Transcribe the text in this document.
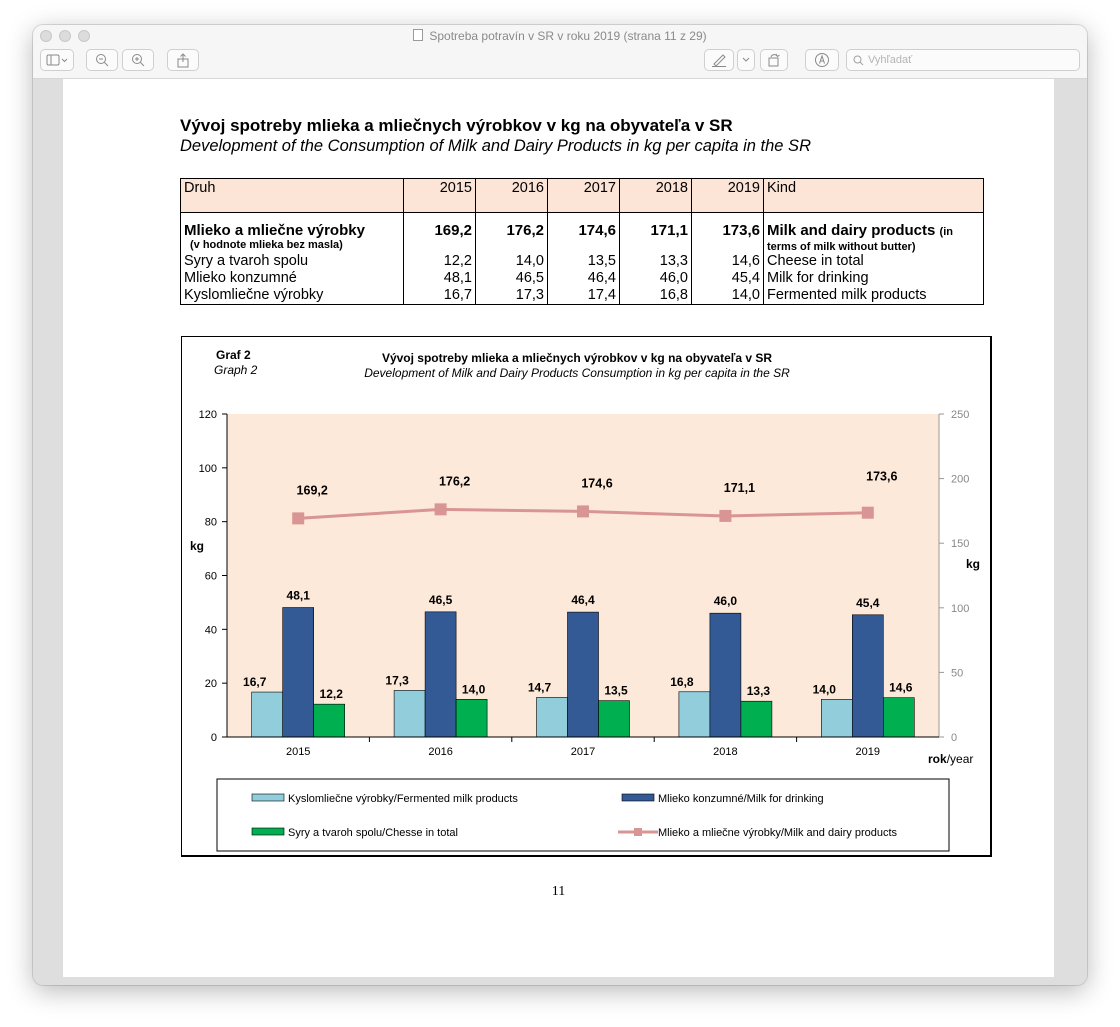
Spotreba potravín v SR v roku 2019 (strana 11 z 29)
Vyhľadať
Vývoj spotreby mlieka a mliečnych výrobkov v kg na obyvateľa v SR
Development of the Consumption of Milk and Dairy Products in kg per capita in the SR
Druh	2015	2016	2017	2018	2019	Kind

Mlieko a mliečne výrobky
(v hodnote mlieka bez masla)	169,2	176,2	174,6	171,1	173,6	Milk and dairy products (in
terms of milk without butter)

Syry a tvaroh spolu	12,2	14,0	13,5	13,3	14,6	Cheese in total
Mlieko konzumné	48,1	46,5	46,4	46,0	45,4	Milk for drinking
Kyslomliečne výrobky	16,7	17,3	17,4	16,8	14,0	Fermented milk products
Graf 2
Graph 2
Vývoj spotreby mlieka a mliečnych výrobkov v kg na obyvateľa v SR
Development of Milk and Dairy Products Consumption in kg per capita in the SR
kg
kg
rok/year
0
20
40
60
80
100
120
0
50
100
150
200
250
2015
16,7
48,1
12,2
2016
17,3
46,5
14,0
2017
14,7
46,4
13,5
2018
16,8
46,0
13,3
2019
14,0
45,4
14,6
169,2
176,2	174,6	171,1
173,6
Kyslomliečne výrobky/Fermented milk products	Mlieko konzumné/Milk for drinking
Syry a tvaroh spolu/Chesse in total	Mlieko a mliečne výrobky/Milk and dairy products
11
